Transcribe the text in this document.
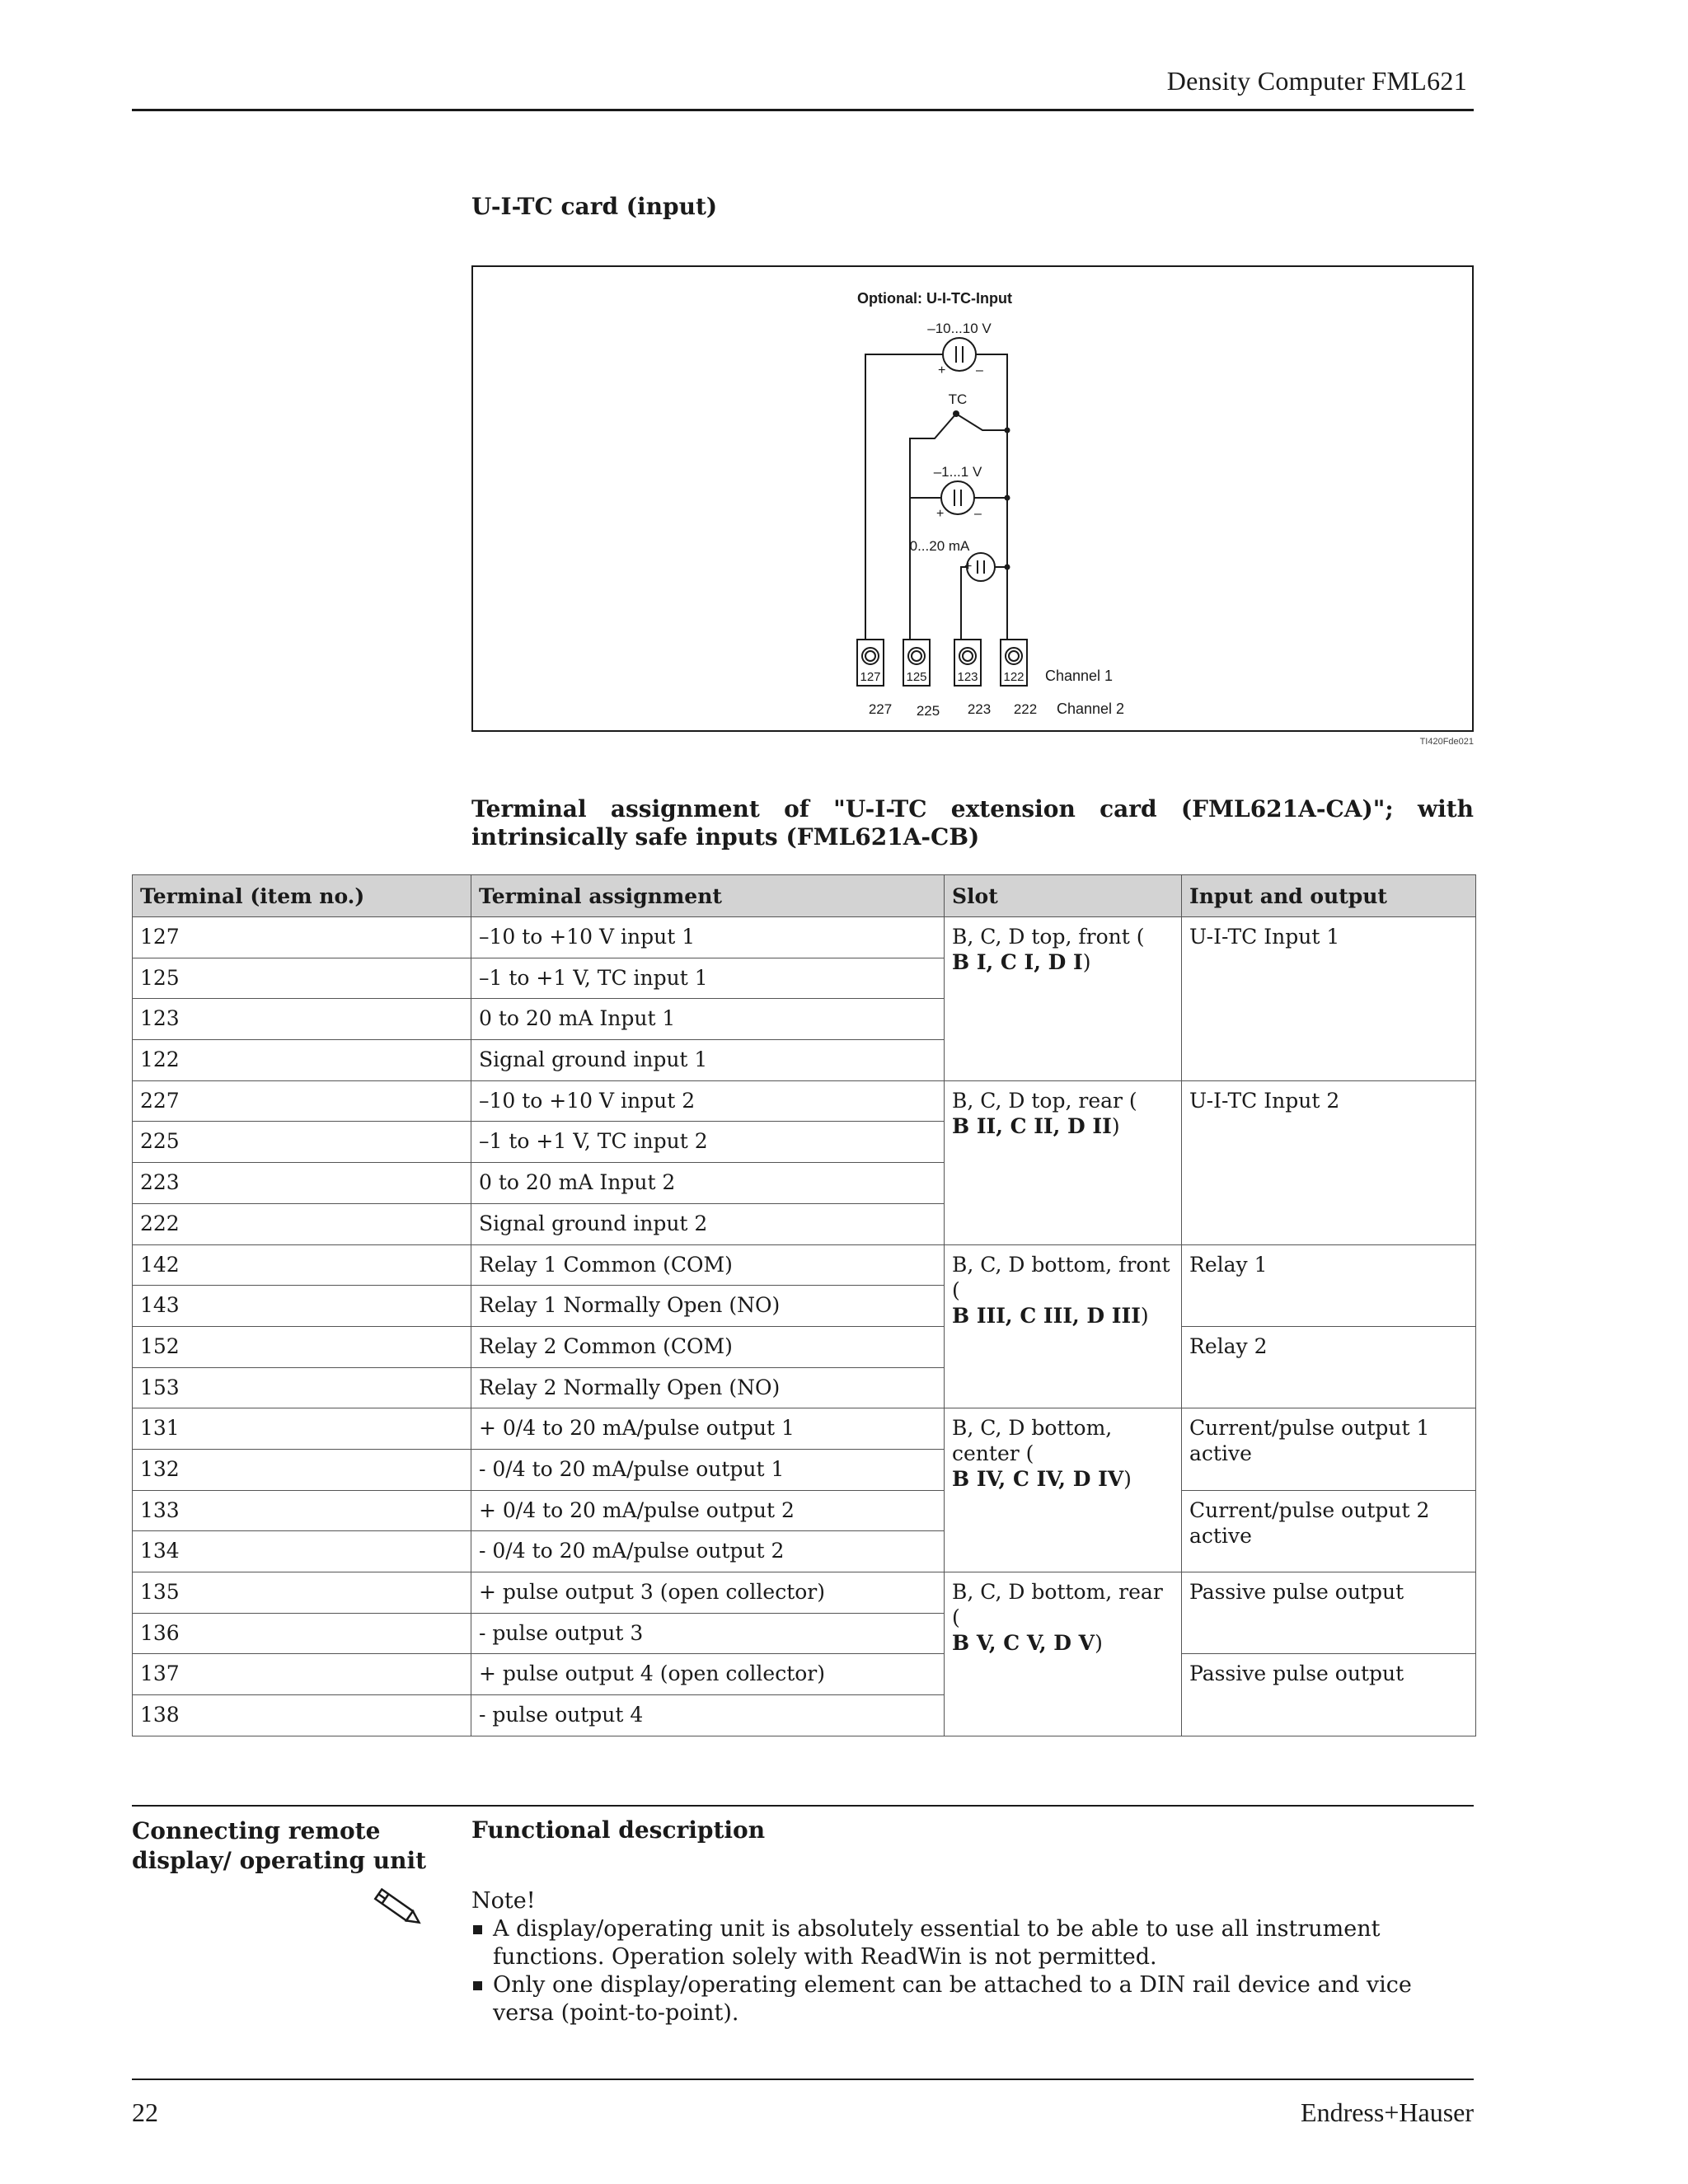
Density Computer FML621
U-I-TC card (input)
Optional: U-I-TC-Input
–10...10 V
+ –
TC
–1...1 V
+ –
0...20 mA
+ –
127 125 123 122 Channel 1
227 225 223 222 Channel 2
TI420Fde021
Terminal assignment of "U-I-TC extension card (FML621A-CA)"; with intrinsically safe inputs (FML621A-CB)
Terminal (item no.)	Terminal assignment	Slot	Input and output
127	–10 to +10 V input 1	B, C, D top, front (
B I, C I, D I)	U-I-TC Input 1
125	–1 to +1 V, TC input 1		
123	0 to 20 mA Input 1		
122	Signal ground input 1		
227	–10 to +10 V input 2	B, C, D top, rear (
B II, C II, D II)	U-I-TC Input 2
225	–1 to +1 V, TC input 2		
223	0 to 20 mA Input 2		
222	Signal ground input 2		
142	Relay 1 Common (COM)	B, C, D bottom, front (
B III, C III, D III)	Relay 1
143	Relay 1 Normally Open (NO)		
152	Relay 2 Common (COM)		Relay 2
153	Relay 2 Normally Open (NO)		
131	+ 0/4 to 20 mA/pulse output 1	B, C, D bottom, center (
B IV, C IV, D IV)	Current/pulse output 1 active
132	- 0/4 to 20 mA/pulse output 1		
133	+ 0/4 to 20 mA/pulse output 2		Current/pulse output 2 active
134	- 0/4 to 20 mA/pulse output 2		
135	+ pulse output 3 (open collector)	B, C, D bottom, rear (
B V, C V, D V)	Passive pulse output
136	- pulse output 3		
137	+ pulse output 4 (open collector)		Passive pulse output
138	- pulse output 4		
Connecting remote display/ operating unit
Functional description
Note!
A display/operating unit is absolutely essential to be able to use all instrument functions. Operation solely with ReadWin is not permitted.
Only one display/operating element can be attached to a DIN rail device and vice versa (point-to-point).
22	Endress+Hauser
